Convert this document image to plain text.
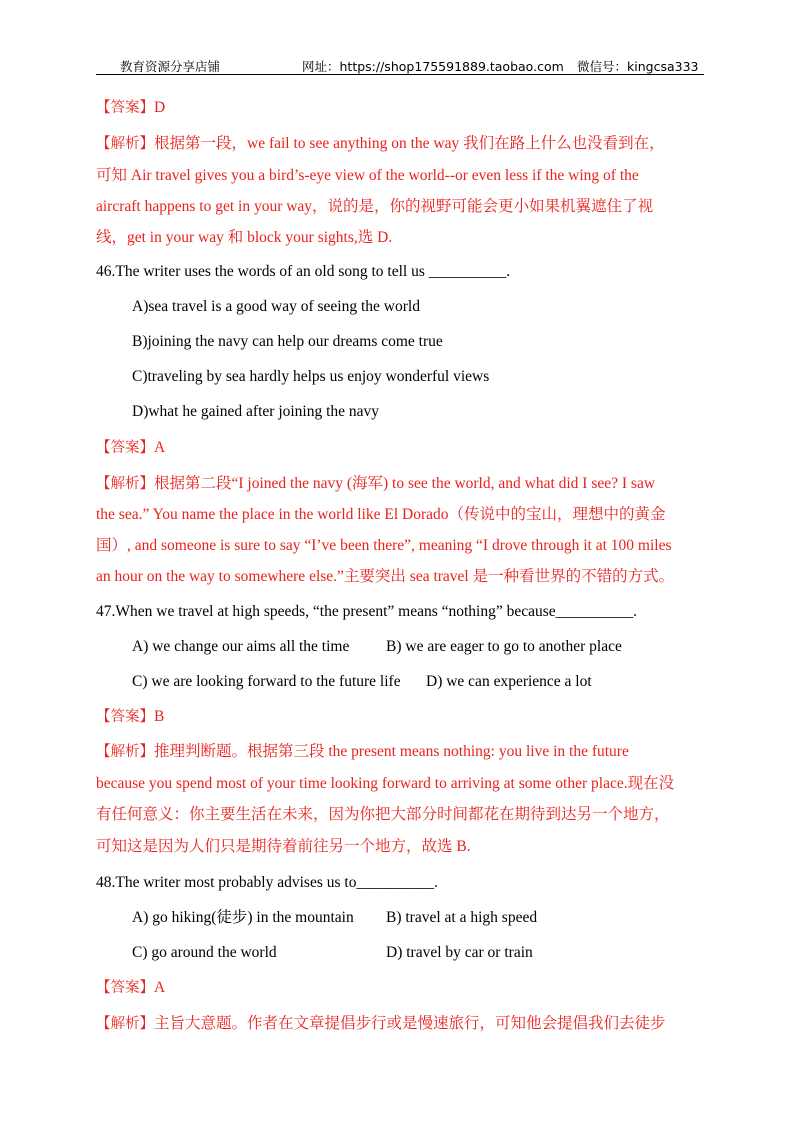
教育资源分享店铺	网址：https://shop175591889.taobao.com 微信号：kingcsa333
【答案】D
【解析】根据第一段，we fail to see anything on the way 我们在路上什么也没看到在，
可知 Air travel gives you a bird’s-eye view of the world--or even less if the wing of the
aircraft happens to get in your way，说的是，你的视野可能会更小如果机翼遮住了视
线，get in your way 和 block your sights,选 D.
46.The writer uses the words of an old song to tell us __________.
A)sea travel is a good way of seeing the world
B)joining the navy can help our dreams come true
C)traveling by sea hardly helps us enjoy wonderful views
D)what he gained after joining the navy
【答案】A
【解析】根据第二段“I joined the navy (海军) to see the world, and what did I see? I saw
the sea.” You name the place in the world like El Dorado（传说中的宝山，理想中的黄金
国）, and someone is sure to say “I’ve been there”, meaning “I drove through it at 100 miles
an hour on the way to somewhere else.”主要突出 sea travel 是一种看世界的不错的方式。
47.When we travel at high speeds, “the present” means “nothing” because__________.
A) we change our aims all the time B) we are eager to go to another place
C) we are looking forward to the future life D) we can experience a lot
【答案】B
【解析】推理判断题。根据第三段 the present means nothing: you live in the future
because you spend most of your time looking forward to arriving at some other place.现在没
有任何意义：你主要生活在未来，因为你把大部分时间都花在期待到达另一个地方，
可知这是因为人们只是期待着前往另一个地方，故选 B.
48.The writer most probably advises us to__________.
A) go hiking(徒步) in the mountain B) travel at a high speed
C) go around the world	D) travel by car or train
【答案】A
【解析】主旨大意题。作者在文章提倡步行或是慢速旅行，可知他会提倡我们去徒步
